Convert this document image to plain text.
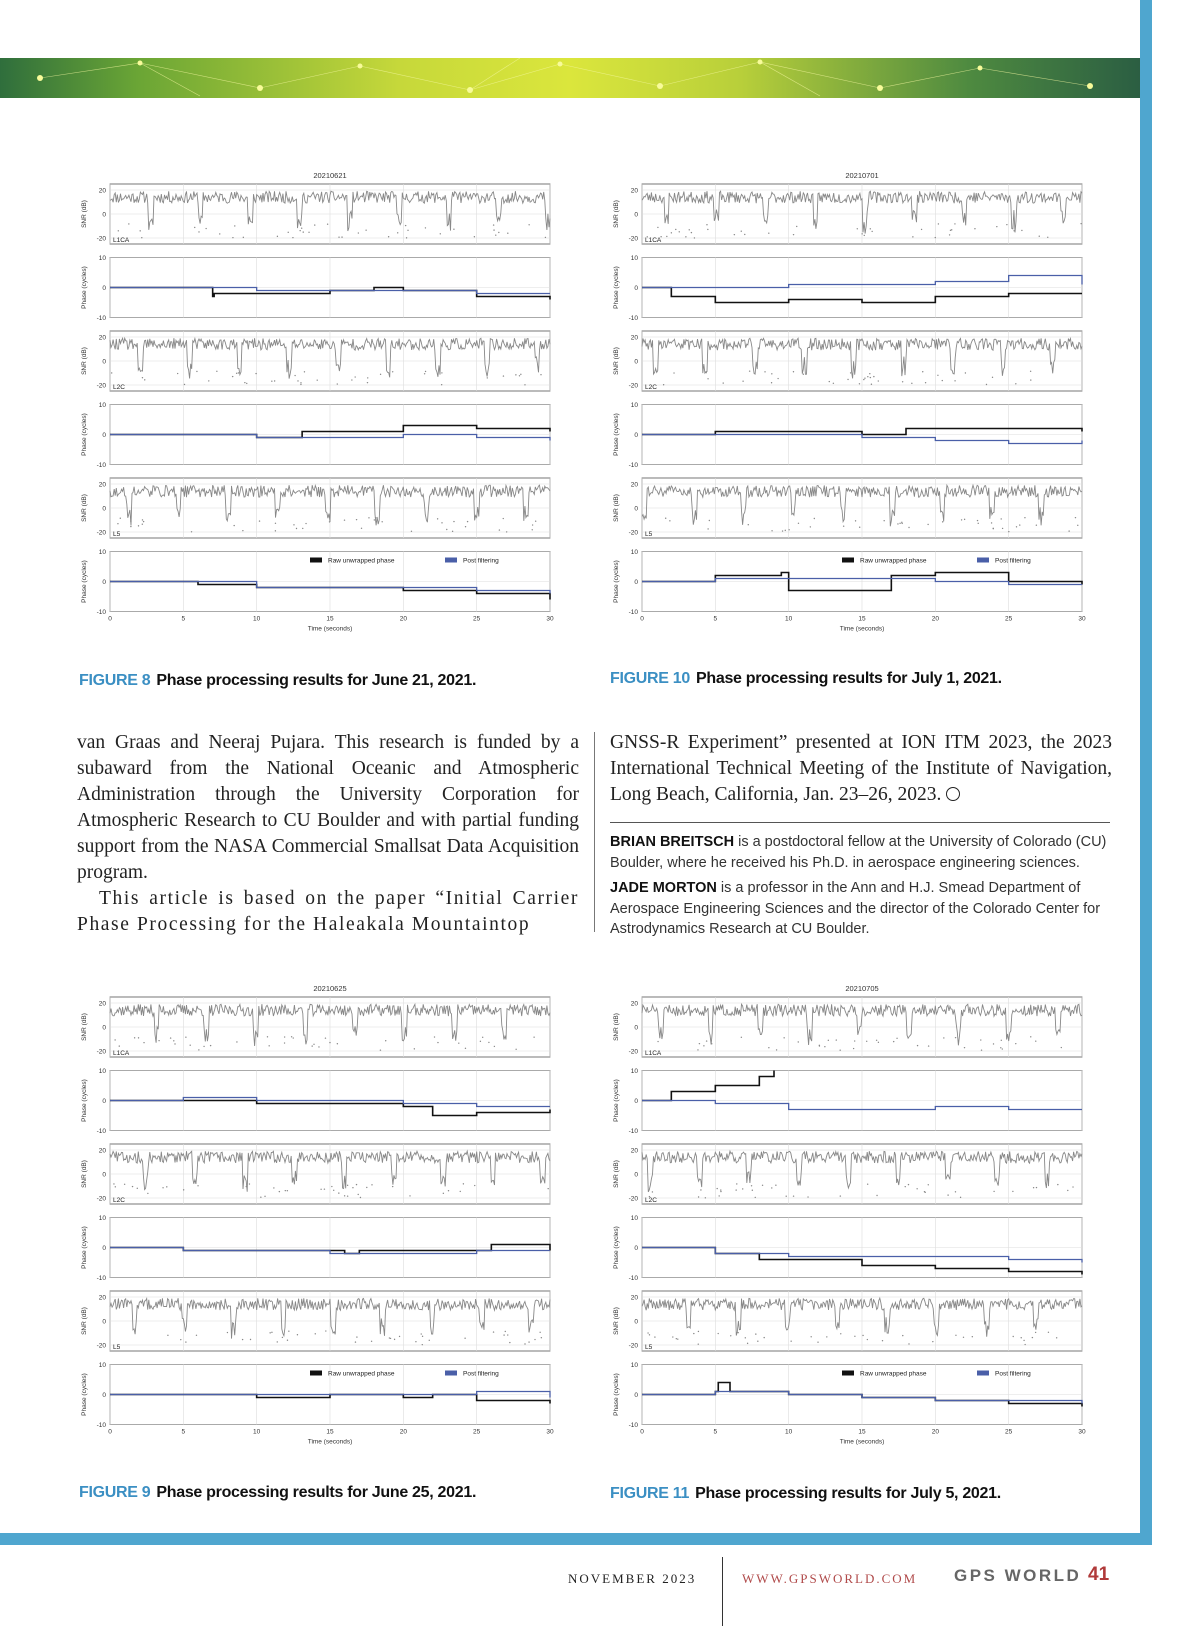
20210621
20
0
-20
SNR (dB)
L1CA
10
0
-10
Phase (cycles)
20
0
-20
SNR (dB)
L2C
10
0
-10
Phase (cycles)
20
0
-20
SNR (dB)
L5
10
0
-10
Phase (cycles)	Raw unwrapped phase	Post filtering
0	5	10	15	20	25	30
Time (seconds)
20210701
20
0
-20
SNR (dB)
L1CA
10
0
-10
Phase (cycles)
20
0
-20
SNR (dB)
L2C
10
0
-10
Phase (cycles)
20
0
-20
SNR (dB)
L5
10
0
-10
Phase (cycles)	Raw unwrapped phase	Post filtering
0	5	10	15	20	25	30
Time (seconds)
20210625
20
0
-20
SNR (dB)
L1CA
10
0
-10
Phase (cycles)
20
0
-20
SNR (dB)
L2C
10
0
-10
Phase (cycles)
20
0
-20
SNR (dB)
L5
10
0
-10
Phase (cycles)	Raw unwrapped phase	Post filtering
0	5	10	15	20	25	30
Time (seconds)
20210705
20
0
-20
SNR (dB)
L1CA
10
0
-10
Phase (cycles)
20
0
-20
SNR (dB)
L2C
10
0
-10
Phase (cycles)
20
0
-20
SNR (dB)
L5
10
0
-10
Phase (cycles)	Raw unwrapped phase	Post filtering
0	5	10	15	20	25	30
Time (seconds)
FIGURE 8 Phase processing results for June 21, 2021.	FIGURE 10 Phase processing results for July 1, 2021.
FIGURE 9 Phase processing results for June 25, 2021.	FIGURE 11 Phase processing results for July 5, 2021.

van Graas and Neeraj Pujara. This research is funded by a subaward from the National Oceanic and Atmospheric Administration through the University Corporation for Atmospheric Research to CU Boulder and with partial funding support from the NASA Commercial Smallsat Data Acquisition program.

This article is based on the paper “Initial Carrier Phase Processing for the Haleakala Mountaintop

GNSS-R Experiment” presented at ION ITM 2023, the 2023 International Technical Meeting of the Institute of Navigation, Long Beach, California, Jan. 23–26, 2023.

BRIAN BREITSCH is a postdoctoral fellow at the University of Colorado (CU) Boulder, where he received his Ph.D. in aerospace engineering sciences.
JADE MORTON is a professor in the Ann and H.J. Smead Department of Aerospace Engineering Sciences and the director of the Colorado Center for Astrodynamics Research at CU Boulder.
NOVEMBER 2023	WWW.GPSWORLD.COM GPS WORLD 41
